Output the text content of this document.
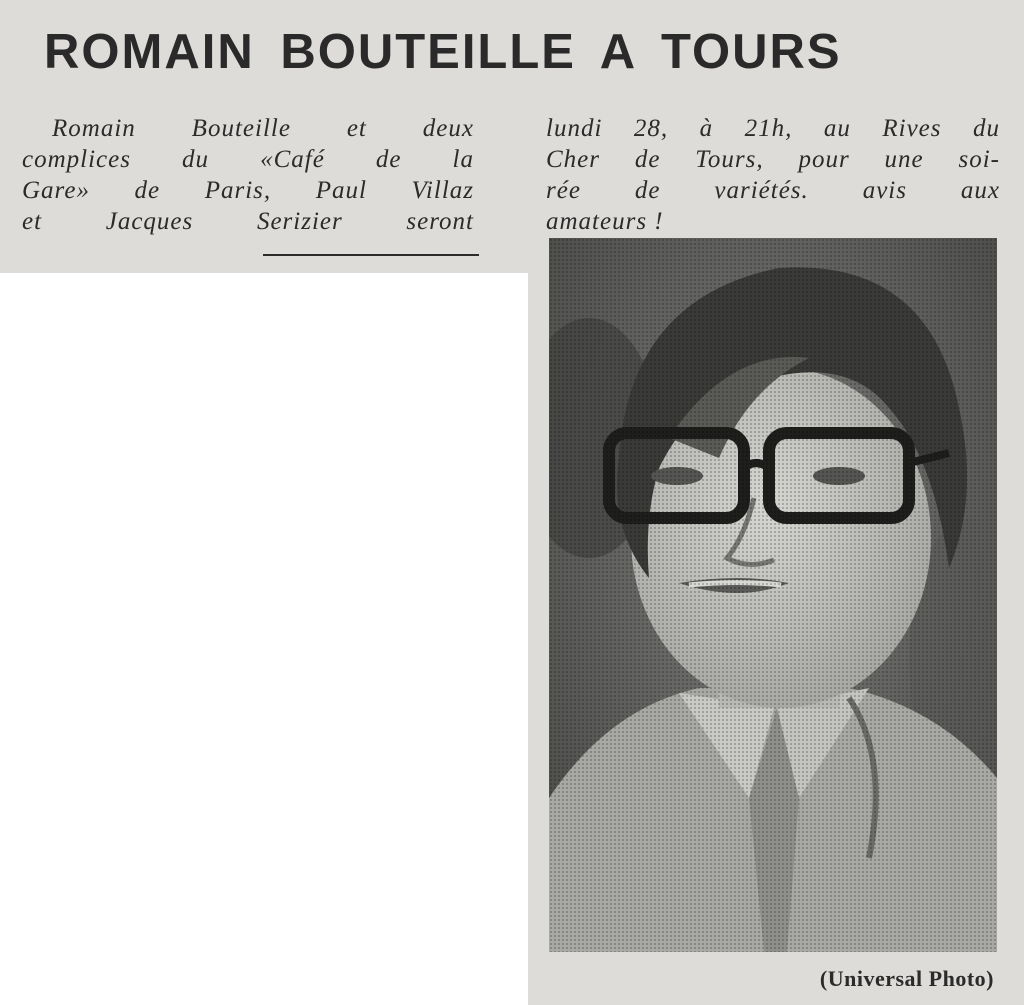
ROMAIN BOUTEILLE A TOURS
Romain Bouteille et deux
complices du «Café de la
Gare» de Paris, Paul Villaz
et Jacques Serizier seront
lundi 28, à 21h, au Rives du
Cher de Tours, pour une soi-
rée de variétés. avis aux
amateurs !
(Universal Photo)
